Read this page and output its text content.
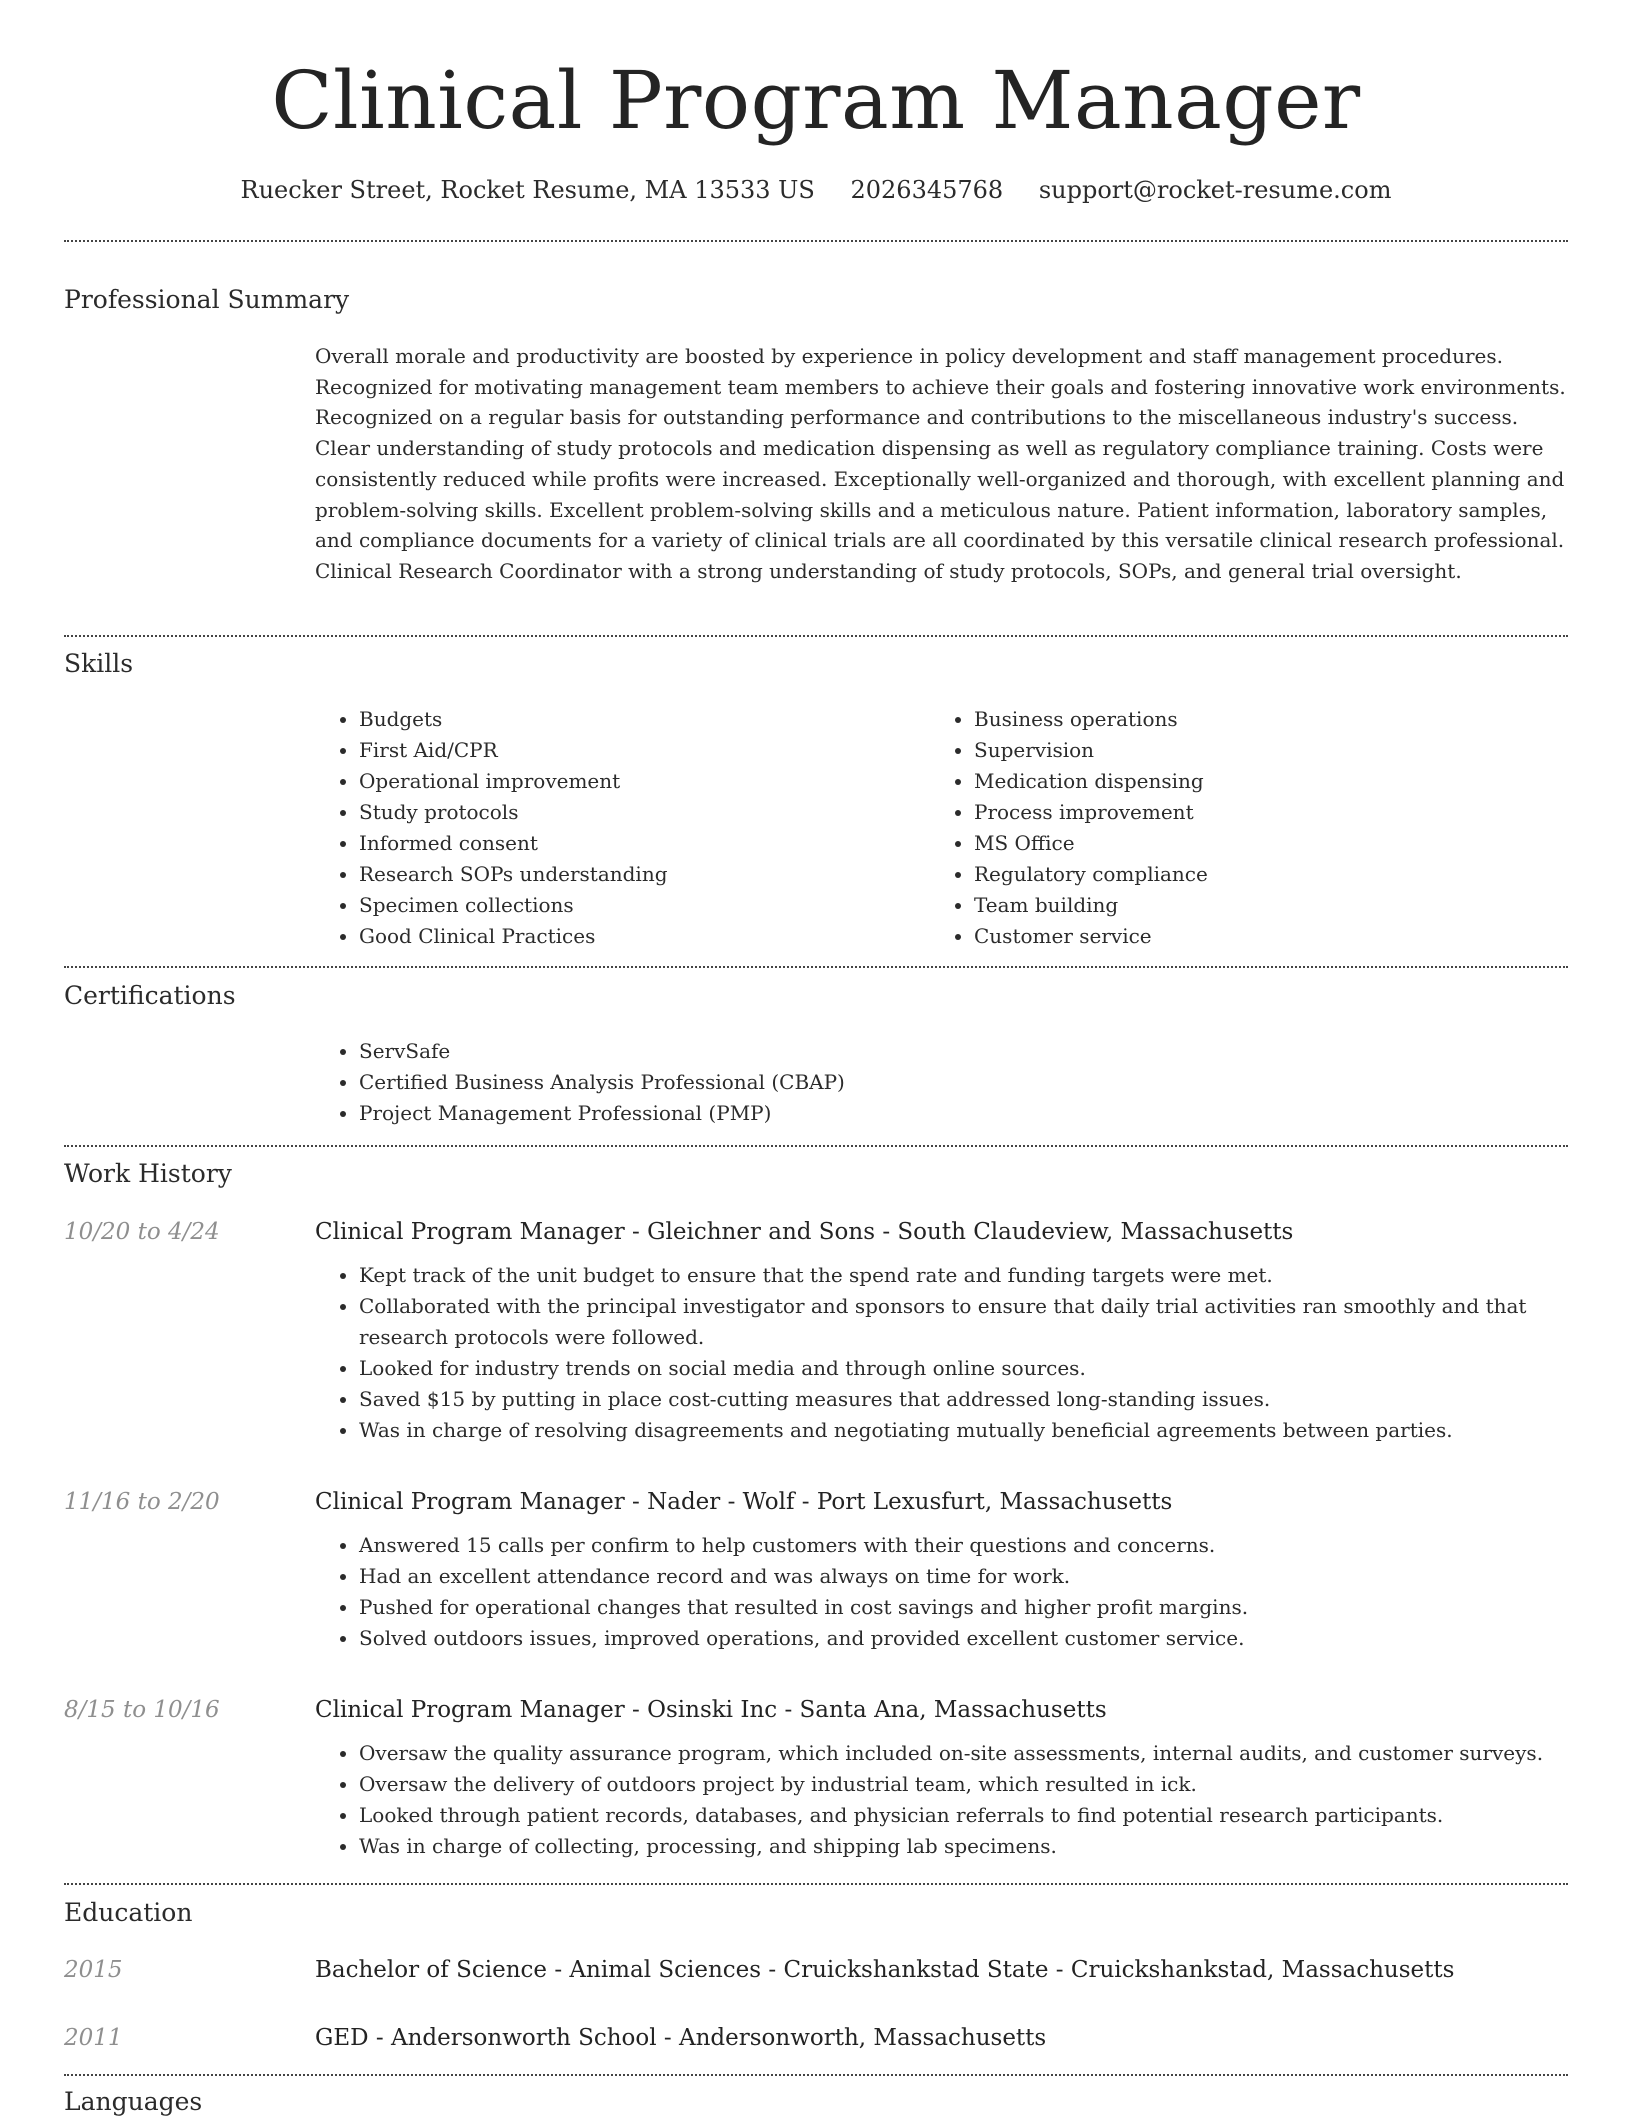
Clinical Program Manager
Ruecker Street, Rocket Resume, MA 13533 US 2026345768 support@rocket-resume.com
Professional Summary
Overall morale and productivity are boosted by experience in policy development and staff management procedures. Recognized for motivating management team members to achieve their goals and fostering innovative work environments. Recognized on a regular basis for outstanding performance and contributions to the miscellaneous industry's success. Clear understanding of study protocols and medication dispensing as well as regulatory compliance training. Costs were consistently reduced while profits were increased. Exceptionally well-organized and thorough, with excellent planning and problem-solving skills. Excellent problem-solving skills and a meticulous nature. Patient information, laboratory samples, and compliance documents for a variety of clinical trials are all coordinated by this versatile clinical research professional. Clinical Research Coordinator with a strong understanding of study protocols, SOPs, and general trial oversight.
Skills
• Budgets
• First Aid/CPR
• Operational improvement
• Study protocols
• Informed consent
• Research SOPs understanding
• Specimen collections
• Good Clinical Practices
• Business operations
• Supervision
• Medication dispensing
• Process improvement
• MS Office
• Regulatory compliance
• Team building
• Customer service
Certifications
• ServSafe
• Certified Business Analysis Professional (CBAP)
• Project Management Professional (PMP)
Work History
10/20 to 4/24	Clinical Program Manager - Gleichner and Sons - South Claudeview, Massachusetts
• Kept track of the unit budget to ensure that the spend rate and funding targets were met.
• Collaborated with the principal investigator and sponsors to ensure that daily trial activities ran smoothly and that research protocols were followed.
• Looked for industry trends on social media and through online sources.
• Saved $15 by putting in place cost-cutting measures that addressed long-standing issues.
• Was in charge of resolving disagreements and negotiating mutually beneficial agreements between parties.
11/16 to 2/20	Clinical Program Manager - Nader - Wolf - Port Lexusfurt, Massachusetts
• Answered 15 calls per confirm to help customers with their questions and concerns.
• Had an excellent attendance record and was always on time for work.
• Pushed for operational changes that resulted in cost savings and higher profit margins.
• Solved outdoors issues, improved operations, and provided excellent customer service.
8/15 to 10/16	Clinical Program Manager - Osinski Inc - Santa Ana, Massachusetts
• Oversaw the quality assurance program, which included on-site assessments, internal audits, and customer surveys.
• Oversaw the delivery of outdoors project by industrial team, which resulted in ick.
• Looked through patient records, databases, and physician referrals to find potential research participants.
• Was in charge of collecting, processing, and shipping lab specimens.
Education
2015	Bachelor of Science - Animal Sciences - Cruickshankstad State - Cruickshankstad, Massachusetts
2011	GED - Andersonworth School - Andersonworth, Massachusetts
Languages
